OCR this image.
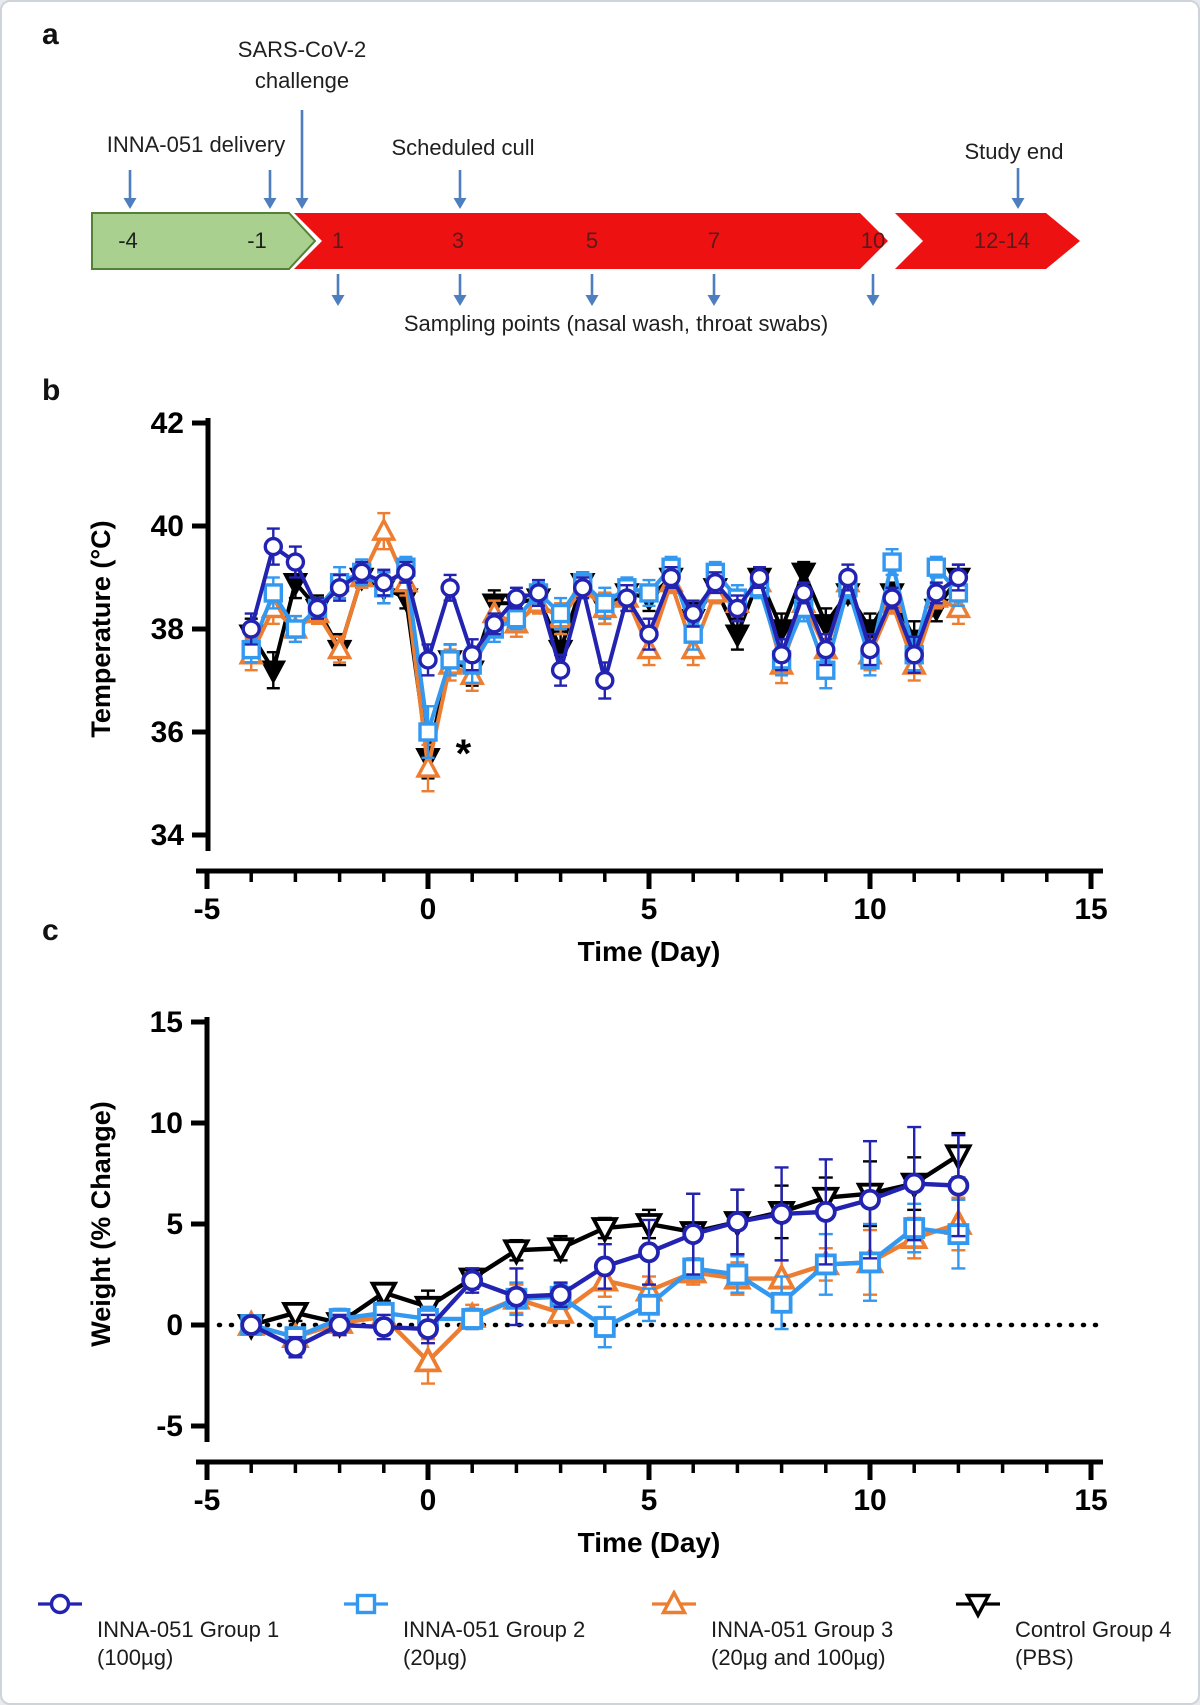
34
36
38
40
42
Temperature (°C)
-5	0	5	10	15
Time (Day)
*
-5
0
5
10
15
Weight (% Change)
-5	0	5	10	15
Time (Day)
a
b
c
SARS-CoV-2
challenge
INNA-051 delivery	Scheduled cull	Study end
Sampling points (nasal wash, throat swabs)
-4	-1	1	3	5	7	10	12-14
INNA-051 Group 1
(100µg)
INNA-051 Group 2
(20µg)
INNA-051 Group 3
(20µg and 100µg)
Control Group 4
(PBS)
